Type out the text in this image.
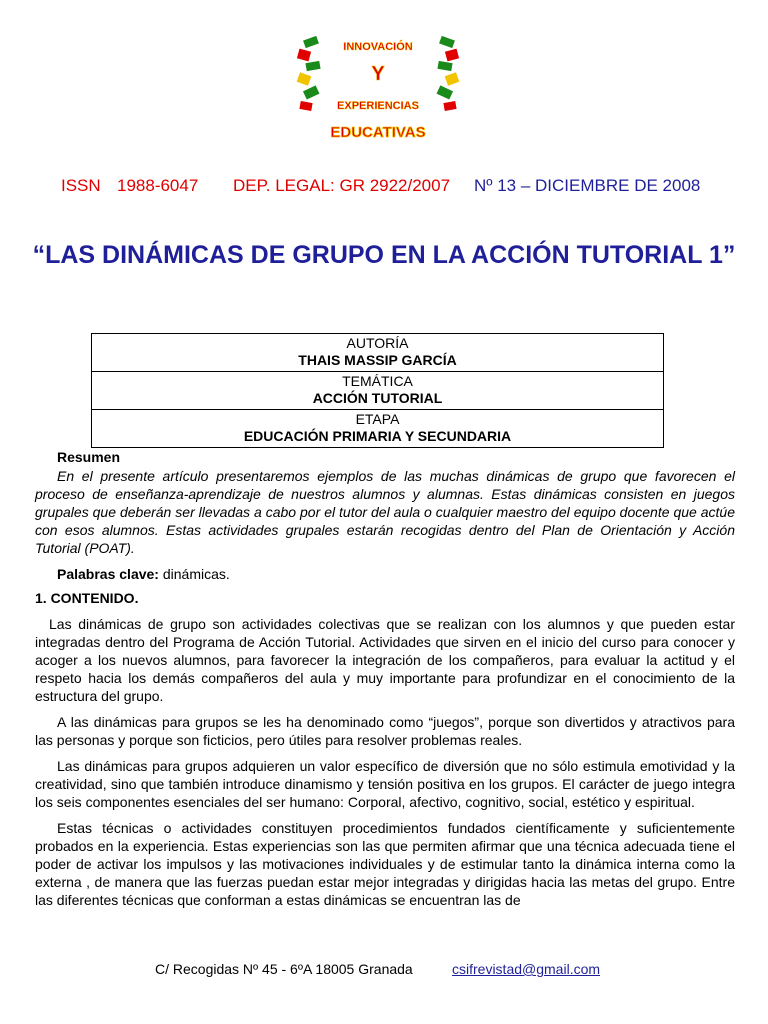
INNOVACIÓN
Y
EXPERIENCIAS
EDUCATIVAS
ISSN 1988-6047 DEP. LEGAL: GR 2922/2007 Nº 13 – DICIEMBRE DE 2008
“LAS DINÁMICAS DE GRUPO EN LA ACCIÓN TUTORIAL 1”
AUTORÍA
THAIS MASSIP GARCÍA

TEMÁTICA
ACCIÓN TUTORIAL

ETAPA
EDUCACIÓN PRIMARIA Y SECUNDARIA

Resumen

En el presente artículo presentaremos ejemplos de las muchas dinámicas de grupo que favorecen el proceso de enseñanza-aprendizaje de nuestros alumnos y alumnas. Estas dinámicas consisten en juegos grupales que deberán ser llevadas a cabo por el tutor del aula o cualquier maestro del equipo docente que actúe con esos alumnos. Estas actividades grupales estarán recogidas dentro del Plan de Orientación y Acción Tutorial (POAT).

Palabras clave: dinámicas.

1. CONTENIDO.

Las dinámicas de grupo son actividades colectivas que se realizan con los alumnos y que pueden estar integradas dentro del Programa de Acción Tutorial. Actividades que sirven en el inicio del curso para conocer y acoger a los nuevos alumnos, para favorecer la integración de los compañeros, para evaluar la actitud y el respeto hacia los demás compañeros del aula y muy importante para profundizar en el conocimiento de la estructura del grupo.

A las dinámicas para grupos se les ha denominado como “juegos”, porque son divertidos y atractivos para las personas y porque son ficticios, pero útiles para resolver problemas reales.

Las dinámicas para grupos adquieren un valor específico de diversión que no sólo estimula emotividad y la creatividad, sino que también introduce dinamismo y tensión positiva en los grupos. El carácter de juego integra los seis componentes esenciales del ser humano: Corporal, afectivo, cognitivo, social, estético y espiritual.

Estas técnicas o actividades constituyen procedimientos fundados científicamente y suficientemente probados en la experiencia. Estas experiencias son las que permiten afirmar que una técnica adecuada tiene el poder de activar los impulsos y las motivaciones individuales y de estimular tanto la dinámica interna como la externa , de manera que las fuerzas puedan estar mejor integradas y dirigidas hacia las metas del grupo. Entre las diferentes técnicas que conforman a estas dinámicas se encuentran las de

C/ Recogidas Nº 45 - 6ºA 18005 Granada	csifrevistad@gmail.com
